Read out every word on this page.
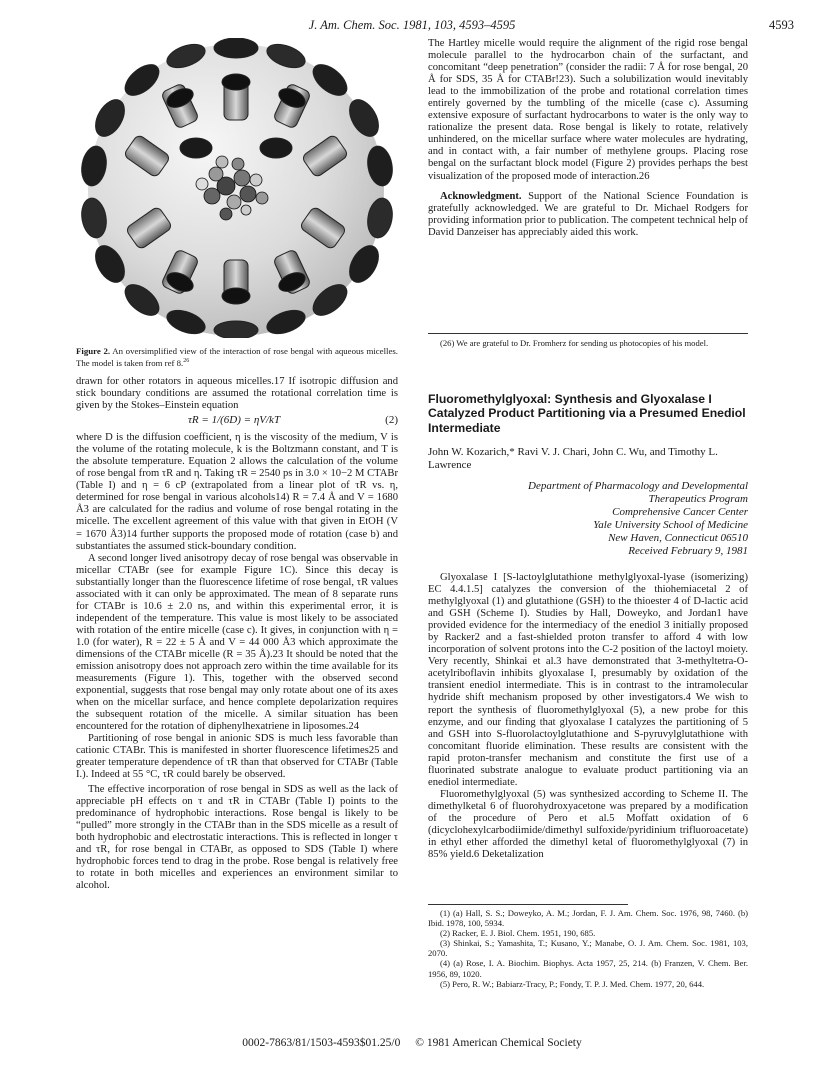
J. Am. Chem. Soc. 1981, 103, 4593–4595	4593

Figure 2. An oversimplified view of the interaction of rose bengal with aqueous micelles. The model is taken from ref 8.26

drawn for other rotators in aqueous micelles.17 If isotropic diffusion and stick boundary conditions are assumed the rotational correlation time is given by the Stokes–Einstein equation

τR = 1/(6D) = ηV/kT	(2)

where D is the diffusion coefficient, η is the viscosity of the medium, V is the volume of the rotating molecule, k is the Boltzmann constant, and T is the absolute temperature. Equation 2 allows the calculation of the volume of rose bengal from τR and η. Taking τR = 2540 ps in 3.0 × 10−2 M CTABr (Table I) and η = 6 cP (extrapolated from a linear plot of τR vs. η, determined for rose bengal in various alcohols14) R = 7.4 Å and V = 1680 Å3 are calculated for the radius and volume of rose bengal rotating in the micelle. The excellent agreement of this value with that given in EtOH (V = 1670 Å3)14 further supports the proposed mode of rotation (case b) and substantiates the assumed stick-boundary condition.

A second longer lived anisotropy decay of rose bengal was observable in micellar CTABr (see for example Figure 1C). Since this decay is substantially longer than the fluorescence lifetime of rose bengal, τR values associated with it can only be approximated. The mean of 8 separate runs for CTABr is 10.6 ± 2.0 ns, and within this experimental error, it is independent of the temperature. This value is most likely to be associated with rotation of the entire micelle (case c). It gives, in conjunction with η = 1.0 (for water), R = 22 ± 5 Å and V = 44 000 Å3 which approximate the dimensions of the CTABr micelle (R = 35 Å).23 It should be noted that the emission anisotropy does not approach zero within the time available for its measurements (Figure 1). This, together with the observed second exponential, suggests that rose bengal may only rotate about one of its axes when on the micellar surface, and hence complete depolarization requires the subsequent rotation of the micelle. A similar situation has been encountered for the rotation of diphenylhexatriene in liposomes.24

Partitioning of rose bengal in anionic SDS is much less favorable than cationic CTABr. This is manifested in shorter fluorescence lifetimes25 and greater temperature dependence of τR than that observed for CTABr (Table I.). Indeed at 55 °C, τR could barely be observed.

The effective incorporation of rose bengal in SDS as well as the lack of appreciable pH effects on τ and τR in CTABr (Table I) points to the predominance of hydrophobic interactions. Rose bengal is likely to be “pulled” more strongly in the CTABr than in the SDS micelle as a result of both hydrophobic and electrostatic interactions. This is reflected in longer τ and τR, for rose bengal in CTABr, as opposed to SDS (Table I) where hydrophobic forces tend to drag in the probe. Rose bengal is relatively free to rotate in both micelles and experiences an environment similar to alcohol.

The Hartley micelle would require the alignment of the rigid rose bengal molecule parallel to the hydrocarbon chain of the surfactant, and concomitant “deep penetration” (consider the radii: 7 Å for rose bengal, 20 Å for SDS, 35 Å for CTABr!23). Such a solubilization would inevitably lead to the immobilization of the probe and rotational correlation times entirely governed by the tumbling of the micelle (case c). Assuming extensive exposure of surfactant hydrocarbons to water is the only way to rationalize the present data. Rose bengal is likely to rotate, relatively unhindered, on the micellar surface where water molecules are hydrating, and in contact with, a fair number of methylene groups. Placing rose bengal on the surfactant block model (Figure 2) provides perhaps the best visualization of the proposed mode of interaction.26

Acknowledgment. Support of the National Science Foundation is gratefully acknowledged. We are grateful to Dr. Michael Rodgers for providing information prior to publication. The competent technical help of David Danzeiser has appreciably aided this work.

(26) We are grateful to Dr. Fromherz for sending us photocopies of his model.

Fluoromethylglyoxal: Synthesis and Glyoxalase I Catalyzed Product Partitioning via a Presumed Enediol Intermediate
John W. Kozarich,* Ravi V. J. Chari, John C. Wu, and Timothy L. Lawrence
Department of Pharmacology and Developmental
Therapeutics Program
Comprehensive Cancer Center
Yale University School of Medicine
New Haven, Connecticut 06510
Received February 9, 1981

Glyoxalase I [S-lactoylglutathione methylglyoxal-lyase (isomerizing) EC 4.4.1.5] catalyzes the conversion of the thiohemiacetal 2 of methylglyoxal (1) and glutathione (GSH) to the thioester 4 of D-lactic acid and GSH (Scheme I). Studies by Hall, Doweyko, and Jordan1 have provided evidence for the intermediacy of the enediol 3 initially proposed by Racker2 and a fast-shielded proton transfer to afford 4 with low incorporation of solvent protons into the C-2 position of the lactoyl moiety. Very recently, Shinkai et al.3 have demonstrated that 3-methyltetra-O-acetylriboflavin inhibits glyoxalase I, presumably by oxidation of the transient enediol intermediate. This is in contrast to the intramolecular hydride shift mechanism proposed by other investigators.4 We wish to report the synthesis of fluoromethylglyoxal (5), a new probe for this enzyme, and our finding that glyoxalase I catalyzes the partitioning of 5 and GSH into S-fluorolactoylglutathione and S-pyruvylglutathione with concomitant fluoride elimination. These results are consistent with the rapid proton-transfer mechanism and constitute the first use of a fluorinated substrate analogue to evaluate product partitioning via an enediol intermediate.

Fluoromethylglyoxal (5) was synthesized according to Scheme II. The dimethylketal 6 of fluorohydroxyacetone was prepared by a modification of the procedure of Pero et al.5 Moffatt oxidation of 6 (dicyclohexylcarbodiimide/dimethyl sulfoxide/pyridinium trifluoroacetate) in ethyl ether afforded the dimethyl ketal of fluoromethylglyoxal (7) in 85% yield.6 Deketalization

(1) (a) Hall, S. S.; Doweyko, A. M.; Jordan, F. J. Am. Chem. Soc. 1976, 98, 7460. (b) Ibid. 1978, 100, 5934.

(2) Racker, E. J. Biol. Chem. 1951, 190, 685.

(3) Shinkai, S.; Yamashita, T.; Kusano, Y.; Manabe, O. J. Am. Chem. Soc. 1981, 103, 2070.

(4) (a) Rose, I. A. Biochim. Biophys. Acta 1957, 25, 214. (b) Franzen, V. Chem. Ber. 1956, 89, 1020.

(5) Pero, R. W.; Babiarz-Tracy, P.; Fondy, T. P. J. Med. Chem. 1977, 20, 644.

0002-7863/81/1503-4593$01.25/0 © 1981 American Chemical Society
